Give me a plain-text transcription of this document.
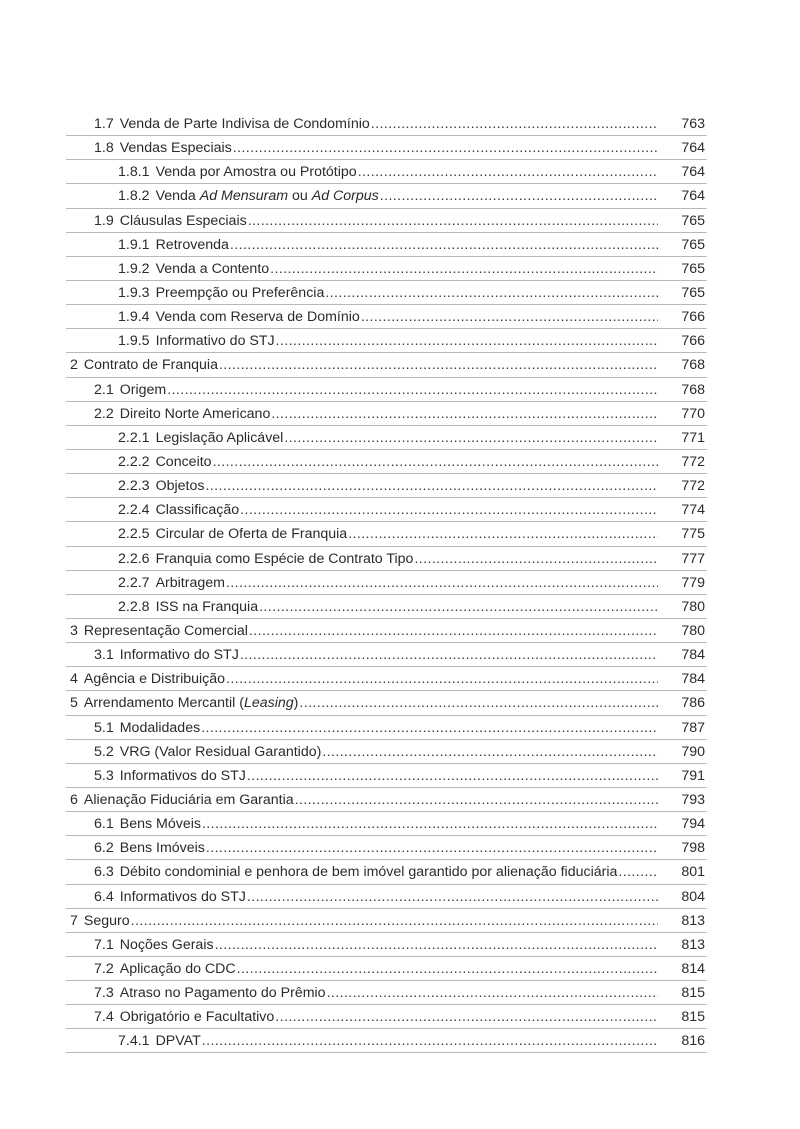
1.7 Venda de Parte Indivisa de Condomínio .....	763
1.8 Vendas Especiais .....	764
1.8.1 Venda por Amostra ou Protótipo .....	764
1.8.2 Venda Ad Mensuram ou Ad Corpus .....	764
1.9 Cláusulas Especiais .....	765
1.9.1 Retrovenda .....	765
1.9.2 Venda a Contento .....	765
1.9.3 Preempção ou Preferência .....	765
1.9.4 Venda com Reserva de Domínio .....	766
1.9.5 Informativo do STJ .....	766
2 Contrato de Franquia .....	768
2.1 Origem .....	768
2.2 Direito Norte Americano .....	770
2.2.1 Legislação Aplicável .....	771
2.2.2 Conceito .....	772
2.2.3 Objetos .....	772
2.2.4 Classificação .....	774
2.2.5 Circular de Oferta de Franquia .....	775
2.2.6 Franquia como Espécie de Contrato Tipo .....	777
2.2.7 Arbitragem .....	779
2.2.8 ISS na Franquia .....	780
3 Representação Comercial .....	780
3.1 Informativo do STJ .....	784
4 Agência e Distribuição .....	784
5 Arrendamento Mercantil (Leasing) .....	786
5.1 Modalidades .....	787
5.2 VRG (Valor Residual Garantido) .....	790
5.3 Informativos do STJ .....	791
6 Alienação Fiduciária em Garantia .....	793
6.1 Bens Móveis .....	794
6.2 Bens Imóveis .....	798
6.3 Débito condominial e penhora de bem imóvel garantido por alienação fiduciária .....	801
6.4 Informativos do STJ .....	804
7 Seguro .....	813
7.1 Noções Gerais .....	813
7.2 Aplicação do CDC .....	814
7.3 Atraso no Pagamento do Prêmio .....	815
7.4 Obrigatório e Facultativo .....	815
7.4.1 DPVAT .....	816
